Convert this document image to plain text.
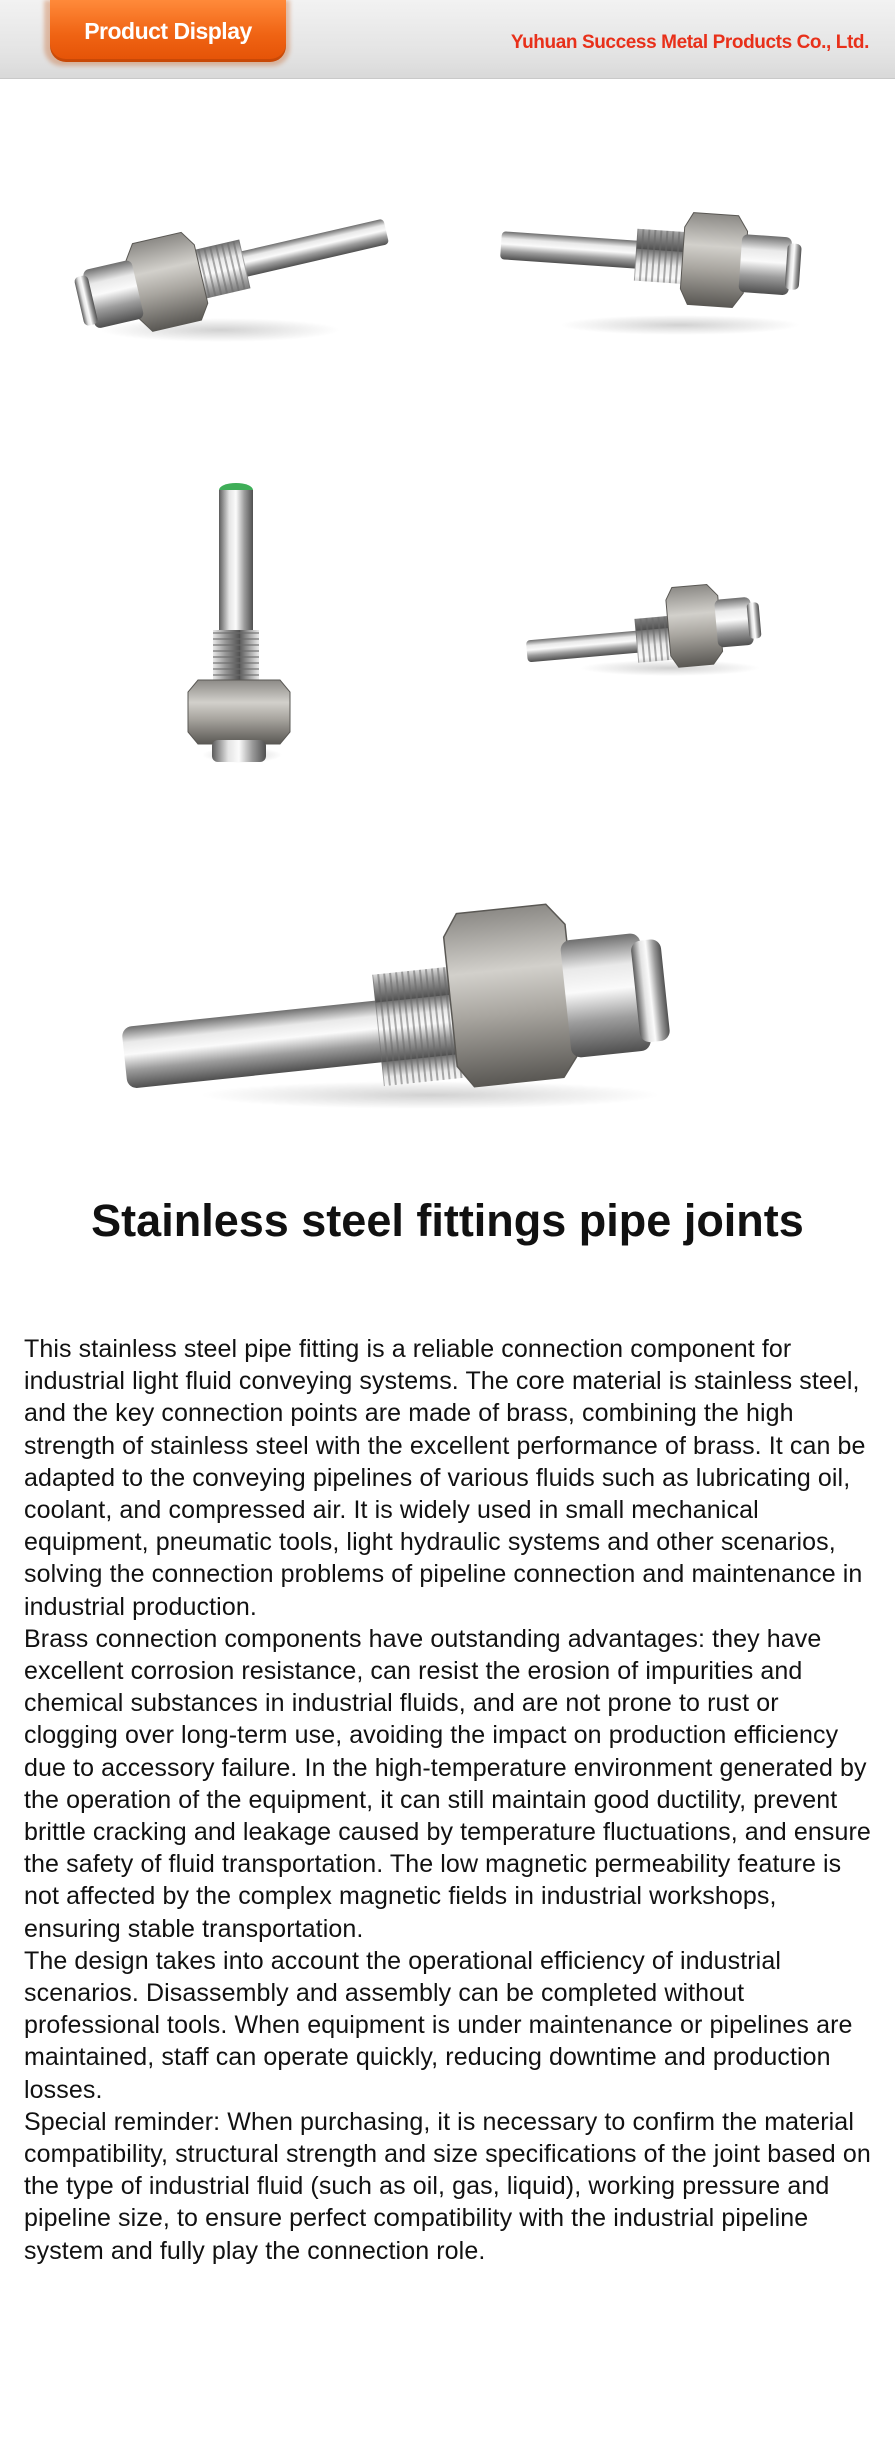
Product Display	Yuhuan Success Metal Products Co., Ltd.
Stainless steel fittings pipe joints

This stainless steel pipe fitting is a reliable connection component for industrial light fluid conveying systems. The core material is stainless steel, and the key connection points are made of brass, combining the high strength of stainless steel with the excellent performance of brass. It can be adapted to the conveying pipelines of various fluids such as lubricating oil, coolant, and compressed air. It is widely used in small mechanical equipment, pneumatic tools, light hydraulic systems and other scenarios, solving the connection problems of pipeline connection and maintenance in industrial production.

Brass connection components have outstanding advantages: they have excellent corrosion resistance, can resist the erosion of impurities and chemical substances in industrial fluids, and are not prone to rust or clogging over long-term use, avoiding the impact on production efficiency due to accessory failure. In the high-temperature environment generated by the operation of the equipment, it can still maintain good ductility, prevent brittle cracking and leakage caused by temperature fluctuations, and ensure the safety of fluid transportation. The low magnetic permeability feature is not affected by the complex magnetic fields in industrial workshops, ensuring stable transportation.

The design takes into account the operational efficiency of industrial scenarios. Disassembly and assembly can be completed without professional tools. When equipment is under maintenance or pipelines are maintained, staff can operate quickly, reducing downtime and production losses.

Special reminder: When purchasing, it is necessary to confirm the material compatibility, structural strength and size specifications of the joint based on the type of industrial fluid (such as oil, gas, liquid), working pressure and pipeline size, to ensure perfect compatibility with the industrial pipeline system and fully play the connection role.
